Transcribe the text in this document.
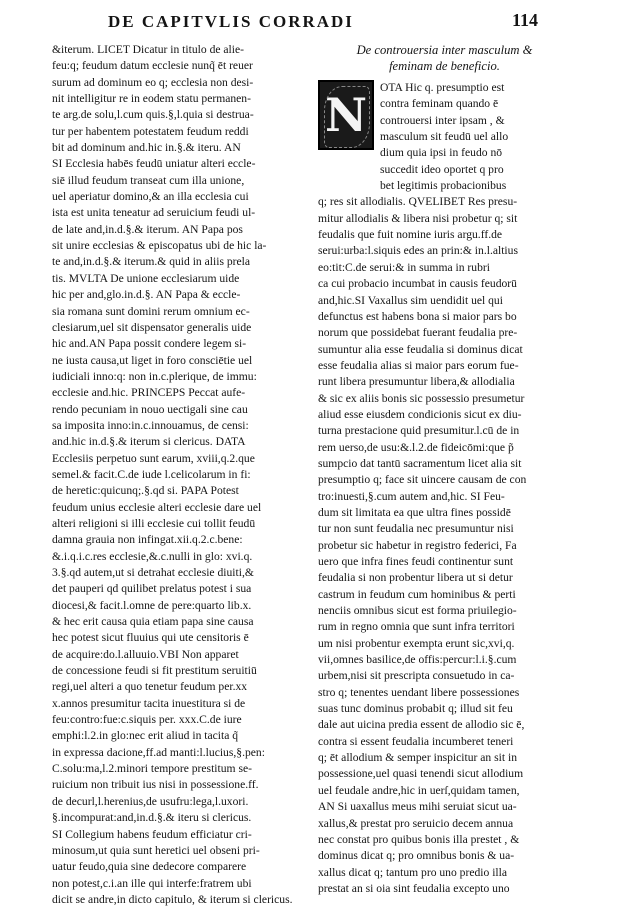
DE CAPITVLIS CORRADI	114
&iterum. LICET Dicatur in titulo de alie-
feu:q; feudum datum ecclesie nunq̃ ēt reuer
surum ad dominum eo q; ecclesia non desi-
nit intelligitur re in eodem statu permanen-
te arg.de solu,l.cum quis.§,l.quia si destrua-
tur per habentem potestatem feudum reddi
bit ad dominum and.hic in.§.& iteru. AN
SI Ecclesia habēs feudū uniatur alteri eccle-
siē illud feudum transeat cum illa unione,
uel aperiatur domino,& an illa ecclesia cui
ista est unita teneatur ad seruicium feudi ul-
de late and,in.d.§.& iterum. AN Papa pos
sit unire ecclesias & episcopatus ubi de hic la-
te and,in.d.§.& iterum.& quid in aliis prela
tis. MVLTA De unione ecclesiarum uide
hic per and,glo.in.d.§. AN Papa & eccle-
sia romana sunt domini rerum omnium ec-
clesiarum,uel sit dispensator generalis uide
hic and.AN Papa possit condere legem si-
ne iusta causa,ut liget in foro consciētie uel
iudiciali inno:q: non in.c.plerique, de immu:
ecclesie and.hic. PRINCEPS Peccat aufe-
rendo pecuniam in nouo uectigali sine cau
sa imposita inno:in.c.innouamus, de censi:
and.hic in.d.§.& iterum si clericus. DATA
Ecclesiis perpetuo sunt earum, xviii,q.2.que
semel.& facit.C.de iude l.celicolarum in fi:
de heretic:quicunq;.§.qd si. PAPA Potest
feudum unius ecclesie alteri ecclesie dare uel
alteri religioni si illi ecclesie cui tollit feudū
damna grauia non infingat.xii.q.2.c.bene:
&.i.q.i.c.res ecclesie,&.c.nulli in glo: xvi.q.
3.§.qd autem,ut si detrahat ecclesie diuiti,&
det pauperi qd quilibet prelatus potest i sua
diocesi,& facit.l.omne de pere:quarto lib.x.
& hec erit causa quia etiam papa sine causa
hec potest sicut fluuius qui ute censitoris ē
de acquire:do.l.alluuio.VBI Non apparet
de concessione feudi si fit prestitum seruitiū
regi,uel alteri a quo tenetur feudum per.xx
x.annos presumitur tacita inuestitura si de
feu:contro:fue:c.siquis per. xxx.C.de iure
emphi:l.2.in glo:nec erit aliud in tacita q̃
in expressa dacione,ff.ad manti:l.lucius,§.pen:
C.solu:ma,l.2.minori tempore prestitum se-
ruicium non tribuit ius nisi in possessione.ff.
de decurl,l.herenius,de usufru:lega,l.uxori.
§.incompurat:and,in.d.§.& iteru si clericus.
SI Collegium habens feudum efficiatur cri-
minosum,ut quia sunt heretici uel obseni pri-
uatur feudo,quia sine dedecore comparere
non potest,c.i.an ille qui interfe:fratrem ubi
dicit se andre,in dicto capitulo, & iterum si clericus.
De controuersia inter masculum &
feminam de beneficio.
N
OTA Hic q. presumptio est
contra feminam quando ē
controuersi inter ipsam , &
masculum sit feudū uel allo
dium quia ipsi in feudo nō
succedit ideo oportet q pro
bet legitimis probacionibus
q; res sit allodialis. QVELIBET Res presu-
mitur allodialis & libera nisi probetur q; sit
feudalis que fuit nomine iuris argu.ff.de
serui:urba:l.siquis edes an prin:& in.l.altius
eo:tit:C.de serui:& in summa in rubri
ca cui probacio incumbat in causis feudorū
and,hic.SI Vaxallus sim uendidit uel qui
defunctus est habens bona si maior pars bo
norum que possidebat fuerant feudalia pre-
sumuntur alia esse feudalia si dominus dicat
esse feudalia alias si maior pars eorum fue-
runt libera presumuntur libera,& allodialia
& sic ex aliis bonis sic possessio presumetur
aliud esse eiusdem condicionis sicut ex diu-
turna prestacione quid presumitur.l.cū de in
rem uerso,de usu:&.l.2.de fideicōmi:que p̃
sumpcio dat tantū sacramentum licet alia sit
presumptio q; face sit uincere causam de con
tro:inuesti,§.cum autem and,hic. SI Feu-
dum sit limitata ea que ultra fines possidē
tur non sunt feudalia nec presumuntur nisi
probetur sic habetur in registro federici, Fa
uero que infra fines feudi continentur sunt
feudalia si non probentur libera ut si detur
castrum in feudum cum hominibus & perti
nenciis omnibus sicut est forma priuilegio-
rum in regno omnia que sunt infra territori
um nisi probentur exempta erunt sic,xvi,q.
vii,omnes basilice,de offis:percur:l.i.§.cum
urbem,nisi sit prescripta consuetudo in ca-
stro q; tenentes uendant libere possessiones
suas tunc dominus probabit q; illud sit feu
dale aut uicina predia essent de allodio sic ē,
contra si essent feudalia incumberet teneri
q; ēt allodium & semper inspicitur an sit in
possessione,uel quasi tenendi sicut allodium
uel feudale andre,hic in uerſ,quidam tamen,
AN Si uaxallus meus mihi seruiat sicut ua-
xallus,& prestat pro seruicio decem annua
nec constat pro quibus bonis illa prestet , &
dominus dicat q; pro omnibus bonis & ua-
xallus dicat q; tantum pro uno predio illa
prestat an si oia sint feudalia excepto uno
